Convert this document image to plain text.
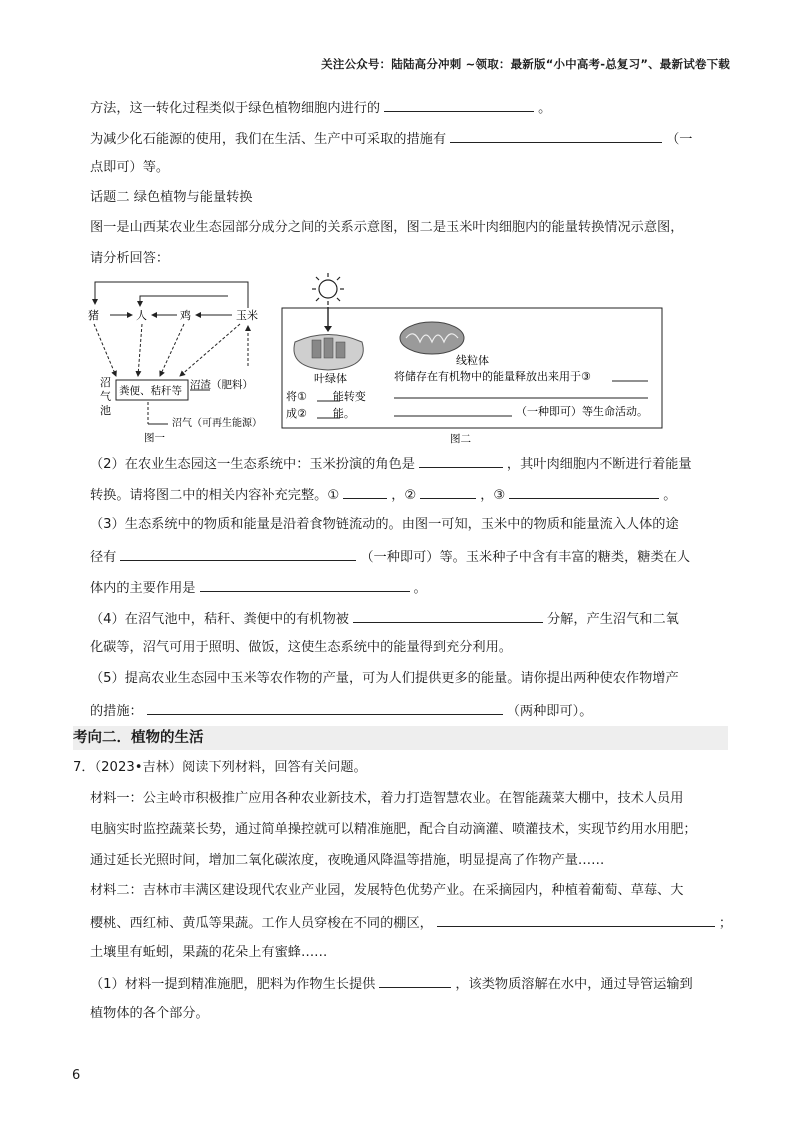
关注公众号：陆陆高分冲刺 ~领取：最新版“小中高考-总复习”、最新试卷下载
方法，这一转化过程类似于绿色植物细胞内进行的	。
为减少化石能源的使用，我们在生活、生产中可采取的措施有	（一
点即可）等。
话题二 绿色植物与能量转换
图一是山西某农业生态园部分成分之间的关系示意图，图二是玉米叶肉细胞内的能量转换情况示意图，
请分析回答：
猪	人	鸡	玉米
沼
气
池
粪便、秸秆等 沼渣（肥料）
沼气（可再生能源）
图一
叶绿体
将① 能转变
成② 能。
线粒体
将储存在有机物中的能量释放出来用于③
（一种即可）等生命活动。
图二
（2）在农业生态园这一生态系统中：玉米扮演的角色是	，其叶肉细胞内不断进行着能量
转换。请将图二中的相关内容补充完整。①	，②	，③	。
（3）生态系统中的物质和能量是沿着食物链流动的。由图一可知，玉米中的物质和能量流入人体的途
径有	（一种即可）等。玉米种子中含有丰富的糖类，糖类在人
体内的主要作用是	。
（4）在沼气池中，秸秆、粪便中的有机物被	分解，产生沼气和二氧
化碳等，沼气可用于照明、做饭，这使生态系统中的能量得到充分利用。
（5）提高农业生态园中玉米等农作物的产量，可为人们提供更多的能量。请你提出两种使农作物增产
的措施：	（两种即可）。
考向二．植物的生活
7．（2023•吉林）阅读下列材料，回答有关问题。
材料一：公主岭市积极推广应用各种农业新技术，着力打造智慧农业。在智能蔬菜大棚中，技术人员用
电脑实时监控蔬菜长势，通过简单操控就可以精准施肥，配合自动滴灌、喷灌技术，实现节约用水用肥；
通过延长光照时间，增加二氧化碳浓度，夜晚通风降温等措施，明显提高了作物产量……
材料二：吉林市丰满区建设现代农业产业园，发展特色优势产业。在采摘园内，种植着葡萄、草莓、大
樱桃、西红柿、黄瓜等果蔬。工作人员穿梭在不同的棚区，	；
土壤里有蚯蚓，果蔬的花朵上有蜜蜂……
（1）材料一提到精准施肥，肥料为作物生长提供	，该类物质溶解在水中，通过导管运输到
植物体的各个部分。
6
